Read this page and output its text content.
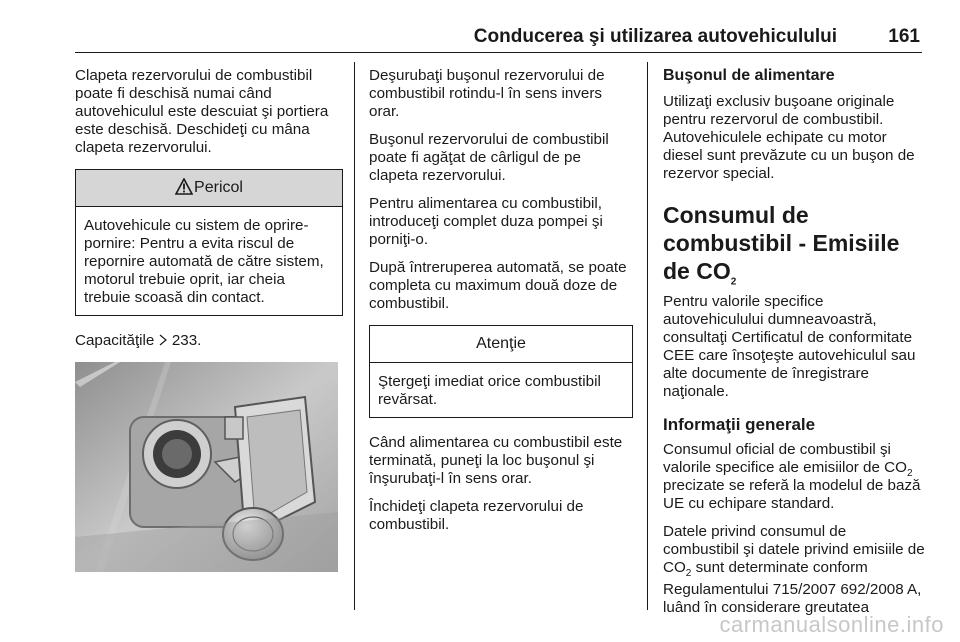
Conducerea şi utilizarea autovehiculului	161

Clapeta rezervorului de combustibil poate fi deschisă numai când autovehiculul este descuiat şi portiera este deschisă. Deschideţi cu mâna clapeta rezervorului.

Pericol
Autovehicule cu sistem de oprire-pornire: Pentru a evita riscul de repornire automată de către sistem, motorul trebuie oprit, iar cheia trebuie scoasă din contact.

Capacităţile 233.

Deşurubaţi buşonul rezervorului de combustibil rotindu-l în sens invers orar.

Buşonul rezervorului de combustibil poate fi agăţat de cârligul de pe clapeta rezervorului.

Pentru alimentarea cu combustibil, introduceţi complet duza pompei şi porniţi-o.

După întreruperea automată, se poate completa cu maximum două doze de combustibil.

Atenţie
Ştergeţi imediat orice combustibil revărsat.

Când alimentarea cu combustibil este terminată, puneţi la loc buşonul şi înşurubaţi-l în sens orar.

Închideţi clapeta rezervorului de combustibil.

Buşonul de alimentare

Utilizaţi exclusiv buşoane originale pentru rezervorul de combustibil. Autovehiculele echipate cu motor diesel sunt prevăzute cu un buşon de rezervor special.

Consumul de combustibil - Emisiile de $CO_2$

Pentru valorile specifice autovehiculului dumneavoastră, consultaţi Certificatul de conformitate CEE care însoţeşte autovehiculul sau alte documente de înregistrare naţionale.

Informaţii generale

Consumul oficial de combustibil şi valorile specifice ale emisiilor de $CO_2$ precizate se referă la modelul de bază UE cu echipare standard.

Datele privind consumul de combustibil şi datele privind emisiile de $CO_2$ sunt determinate conform

Regulamentului 715/2007 692/2008 A, luând în considerare greutatea

carmanualsonline.info
